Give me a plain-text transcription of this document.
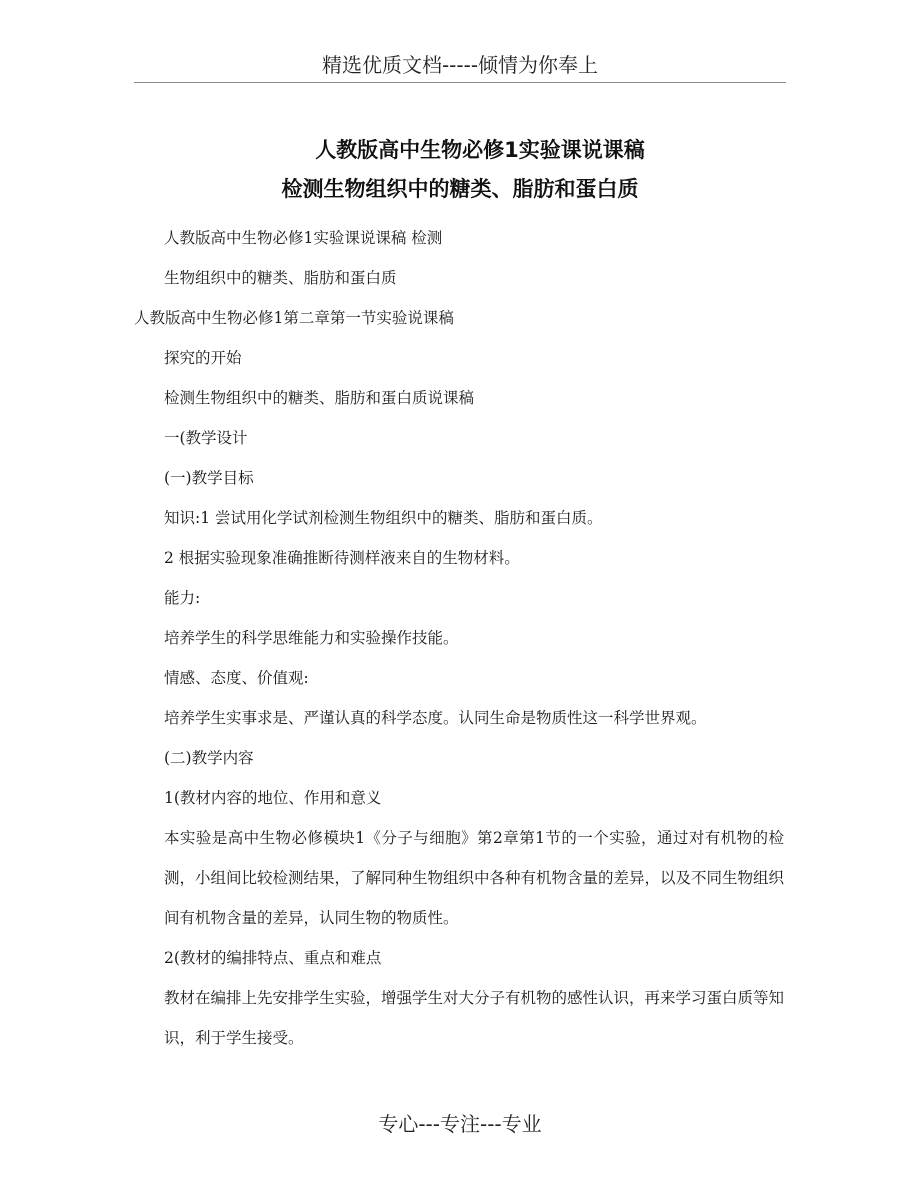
精选优质文档-----倾情为你奉上
人教版高中生物必修1实验课说课稿
检测生物组织中的糖类、脂肪和蛋白质

人教版高中生物必修1实验课说课稿 检测

生物组织中的糖类、脂肪和蛋白质

人教版高中生物必修1第二章第一节实验说课稿

探究的开始

检测生物组织中的糖类、脂肪和蛋白质说课稿

一(教学设计

(一)教学目标

知识:1 尝试用化学试剂检测生物组织中的糖类、脂肪和蛋白质。

2 根据实验现象准确推断待测样液来自的生物材料。

能力:

培养学生的科学思维能力和实验操作技能。

情感、态度、价值观:

培养学生实事求是、严谨认真的科学态度。认同生命是物质性这一科学世界观。

(二)教学内容

1(教材内容的地位、作用和意义

本实验是高中生物必修模块1《分子与细胞》第2章第1节的一个实验，通过对有机物的检测，小组间比较检测结果，了解同种生物组织中各种有机物含量的差异，以及不同生物组织间有机物含量的差异，认同生物的物质性。

2(教材的编排特点、重点和难点

教材在编排上先安排学生实验，增强学生对大分子有机物的感性认识，再来学习蛋白质等知识，利于学生接受。

专心---专注---专业
